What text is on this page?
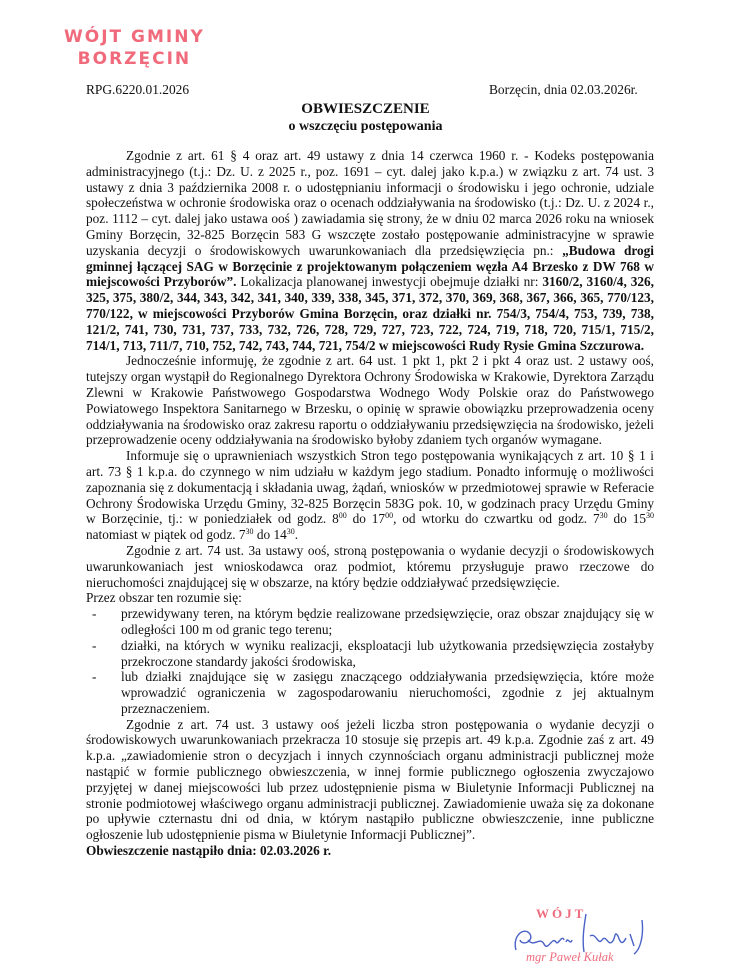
WÓJT GMINY
BORZĘCIN
RPG.6220.01.2026	Borzęcin, dnia 02.03.2026r.
OBWIESZCZENIE
o wszczęciu postępowania

Zgodnie z art. 61 § 4 oraz art. 49 ustawy z dnia 14 czerwca 1960 r. - Kodeks postępowania administracyjnego (t.j.: Dz. U. z 2025 r., poz. 1691 – cyt. dalej jako k.p.a.) w związku z art. 74 ust. 3 ustawy z dnia 3 października 2008 r. o udostępnianiu informacji o środowisku i jego ochronie, udziale społeczeństwa w ochronie środowiska oraz o ocenach oddziaływania na środowisko (t.j.: Dz. U. z 2024 r., poz. 1112 – cyt. dalej jako ustawa ooś ) zawiadamia się strony, że w dniu 02 marca 2026 roku na wniosek Gminy Borzęcin, 32-825 Borzęcin 583 G wszczęte zostało postępowanie administracyjne w sprawie uzyskania decyzji o środowiskowych uwarunkowaniach dla przedsięwzięcia pn.: „Budowa drogi gminnej łączącej SAG w Borzęcinie z projektowanym połączeniem węzła A4 Brzesko z DW 768 w miejscowości Przyborów”. Lokalizacja planowanej inwestycji obejmuje działki nr: 3160/2, 3160/4, 326, 325, 375, 380/2, 344, 343, 342, 341, 340, 339, 338, 345, 371, 372, 370, 369, 368, 367, 366, 365, 770/123, 770/122, w miejscowości Przyborów Gmina Borzęcin, oraz działki nr. 754/3, 754/4, 753, 739, 738, 121/2, 741, 730, 731, 737, 733, 732, 726, 728, 729, 727, 723, 722, 724, 719, 718, 720, 715/1, 715/2, 714/1, 713, 711/7, 710, 752, 742, 743, 744, 721, 754/2 w miejscowości Rudy Rysie Gmina Szczurowa.

Jednocześnie informuję, że zgodnie z art. 64 ust. 1 pkt 1, pkt 2 i pkt 4 oraz ust. 2 ustawy ooś, tutejszy organ wystąpił do Regionalnego Dyrektora Ochrony Środowiska w Krakowie, Dyrektora Zarządu Zlewni w Krakowie Państwowego Gospodarstwa Wodnego Wody Polskie oraz do Państwowego Powiatowego Inspektora Sanitarnego w Brzesku, o opinię w sprawie obowiązku przeprowadzenia oceny oddziaływania na środowisko oraz zakresu raportu o oddziaływaniu przedsięwzięcia na środowisko, jeżeli przeprowadzenie oceny oddziaływania na środowisko byłoby zdaniem tych organów wymagane.

Informuje się o uprawnieniach wszystkich Stron tego postępowania wynikających z art. 10 § 1 i art. 73 § 1 k.p.a. do czynnego w nim udziału w każdym jego stadium. Ponadto informuję o możliwości zapoznania się z dokumentacją i składania uwag, żądań, wniosków w przedmiotowej sprawie w Referacie Ochrony Środowiska Urzędu Gminy, 32-825 Borzęcin 583G pok. 10, w godzinach pracy Urzędu Gminy w Borzęcinie, tj.: w poniedziałek od godz. $8^{00}$ do $17^{00}$, od wtorku do czwartku od godz. $7^{30}$ do $15^{30}$ natomiast w piątek od godz. $7^{30}$ do $14^{30}$.

Zgodnie z art. 74 ust. 3a ustawy ooś, stroną postępowania o wydanie decyzji o środowiskowych uwarunkowaniach jest wnioskodawca oraz podmiot, któremu przysługuje prawo rzeczowe do nieruchomości znajdującej się w obszarze, na który będzie oddziaływać przedsięwzięcie.

Przez obszar ten rozumie się:

- przewidywany teren, na którym będzie realizowane przedsięwzięcie, oraz obszar znajdujący się w odległości 100 m od granic tego terenu;
- działki, na których w wyniku realizacji, eksploatacji lub użytkowania przedsięwzięcia zostałyby przekroczone standardy jakości środowiska,
- lub działki znajdujące się w zasięgu znaczącego oddziaływania przedsięwzięcia, które może wprowadzić ograniczenia w zagospodarowaniu nieruchomości, zgodnie z jej aktualnym przeznaczeniem.

Zgodnie z art. 74 ust. 3 ustawy ooś jeżeli liczba stron postępowania o wydanie decyzji o środowiskowych uwarunkowaniach przekracza 10 stosuje się przepis art. 49 k.p.a. Zgodnie zaś z art. 49 k.p.a. „zawiadomienie stron o decyzjach i innych czynnościach organu administracji publicznej może nastąpić w formie publicznego obwieszczenia, w innej formie publicznego ogłoszenia zwyczajowo przyjętej w danej miejscowości lub przez udostępnienie pisma w Biuletynie Informacji Publicznej na stronie podmiotowej właściwego organu administracji publicznej. Zawiadomienie uważa się za dokonane po upływie czternastu dni od dnia, w którym nastąpiło publiczne obwieszczenie, inne publiczne ogłoszenie lub udostępnienie pisma w Biuletynie Informacji Publicznej”.

Obwieszczenie nastąpiło dnia: 02.03.2026 r.

WÓJT
mgr Paweł Kułak
